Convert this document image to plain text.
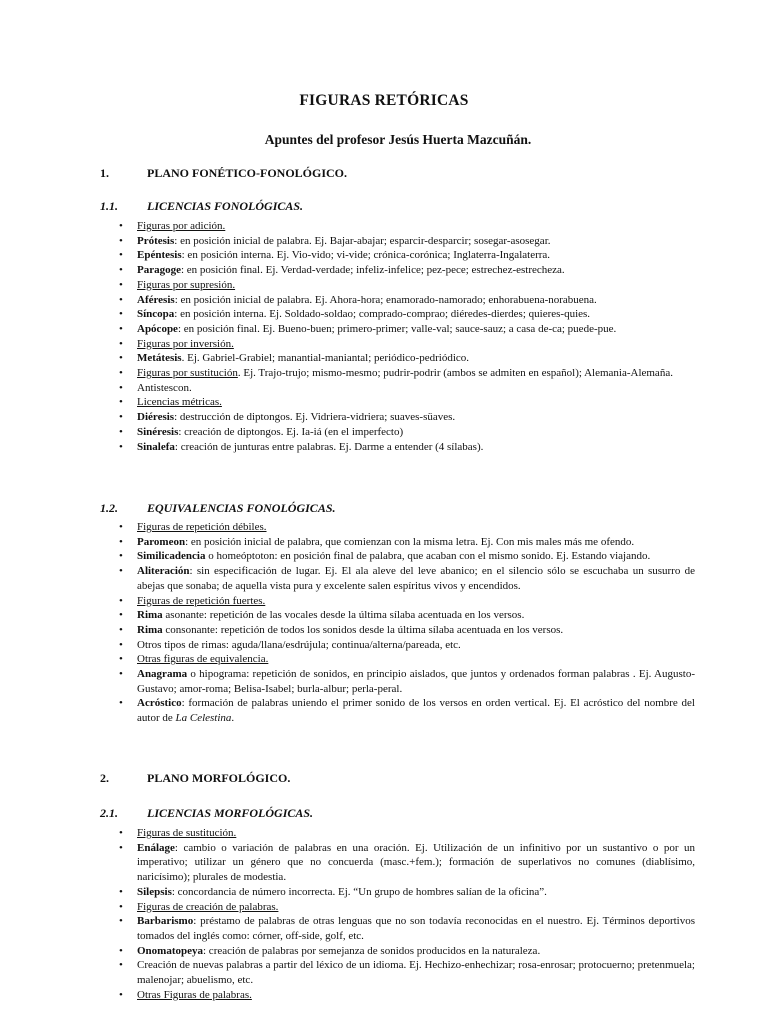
FIGURAS RETÓRICAS
Apuntes del profesor Jesús Huerta Mazcuñán.
1.	PLANO FONÉTICO-FONOLÓGICO.
1.1. LICENCIAS FONOLÓGICAS.
• Figuras por adición.
• Prótesis: en posición inicial de palabra. Ej. Bajar-abajar; esparcir-desparcir; sosegar-asosegar.
• Epéntesis: en posición interna. Ej. Vio-vido; vi-vide; crónica-corónica; Inglaterra-Ingalaterra.
• Paragoge: en posición final. Ej. Verdad-verdade; infeliz-infelice; pez-pece; estrechez-estrecheza.
• Figuras por supresión.
• Aféresis: en posición inicial de palabra. Ej. Ahora-hora; enamorado-namorado; enhorabuena-norabuena.
• Síncopa: en posición interna. Ej. Soldado-soldao; comprado-comprao; diéredes-dierdes; quieres-quies.
• Apócope: en posición final. Ej. Bueno-buen; primero-primer; valle-val; sauce-sauz; a casa de-ca; puede-pue.
• Figuras por inversión.
• Metátesis. Ej. Gabriel-Grabiel; manantial-maniantal; periódico-pedriódico.
• Figuras por sustitución. Ej. Trajo-trujo; mismo-mesmo; pudrir-podrir (ambos se admiten en español); Alemania-Alemaña.
• Antistescon.
• Licencias métricas.
• Diéresis: destrucción de diptongos. Ej. Vidriera-vidriera; suaves-süaves.
• Sinéresis: creación de diptongos. Ej. Ia-iá (en el imperfecto)
• Sinalefa: creación de junturas entre palabras. Ej. Darme a entender (4 sílabas).
1.2. EQUIVALENCIAS FONOLÓGICAS.
• Figuras de repetición débiles.
• Paromeon: en posición inicial de palabra, que comienzan con la misma letra. Ej. Con mis males más me ofendo.
• Similicadencia o homeóptoton: en posición final de palabra, que acaban con el mismo sonido. Ej. Estando viajando.
• Aliteración: sin especificación de lugar. Ej. El ala aleve del leve abanico; en el silencio sólo se escuchaba un susurro de abejas que sonaba; de aquella vista pura y excelente salen espíritus vivos y encendidos.
• Figuras de repetición fuertes.
• Rima asonante: repetición de las vocales desde la última sílaba acentuada en los versos.
• Rima consonante: repetición de todos los sonidos desde la última sílaba acentuada en los versos.
• Otros tipos de rimas: aguda/llana/esdrújula; continua/alterna/pareada, etc.
• Otras figuras de equivalencia.
• Anagrama o hipograma: repetición de sonidos, en principio aislados, que juntos y ordenados forman palabras . Ej. Augusto-Gustavo; amor-roma; Belisa-Isabel; burla-albur; perla-peral.
• Acróstico: formación de palabras uniendo el primer sonido de los versos en orden vertical. Ej. El acróstico del nombre del autor de La Celestina.
2.	PLANO MORFOLÓGICO.
2.1. LICENCIAS MORFOLÓGICAS.
• Figuras de sustitución.
• Enálage: cambio o variación de palabras en una oración. Ej. Utilización de un infinitivo por un sustantivo o por un imperativo; utilizar un género que no concuerda (masc.+fem.); formación de superlativos no comunes (diablísimo, naricísimo); plurales de modestia.
• Silepsis: concordancia de número incorrecta. Ej. “Un grupo de hombres salían de la oficina”.
• Figuras de creación de palabras.
• Barbarismo: préstamo de palabras de otras lenguas que no son todavía reconocidas en el nuestro. Ej. Términos deportivos tomados del inglés como: córner, off-side, golf, etc.
• Onomatopeya: creación de palabras por semejanza de sonidos producidos en la naturaleza.
• Creación de nuevas palabras a partir del léxico de un idioma. Ej. Hechizo-enhechizar; rosa-enrosar; protocuerno; pretenmuela; malenojar; abuelismo, etc.
• Otras Figuras de palabras.
